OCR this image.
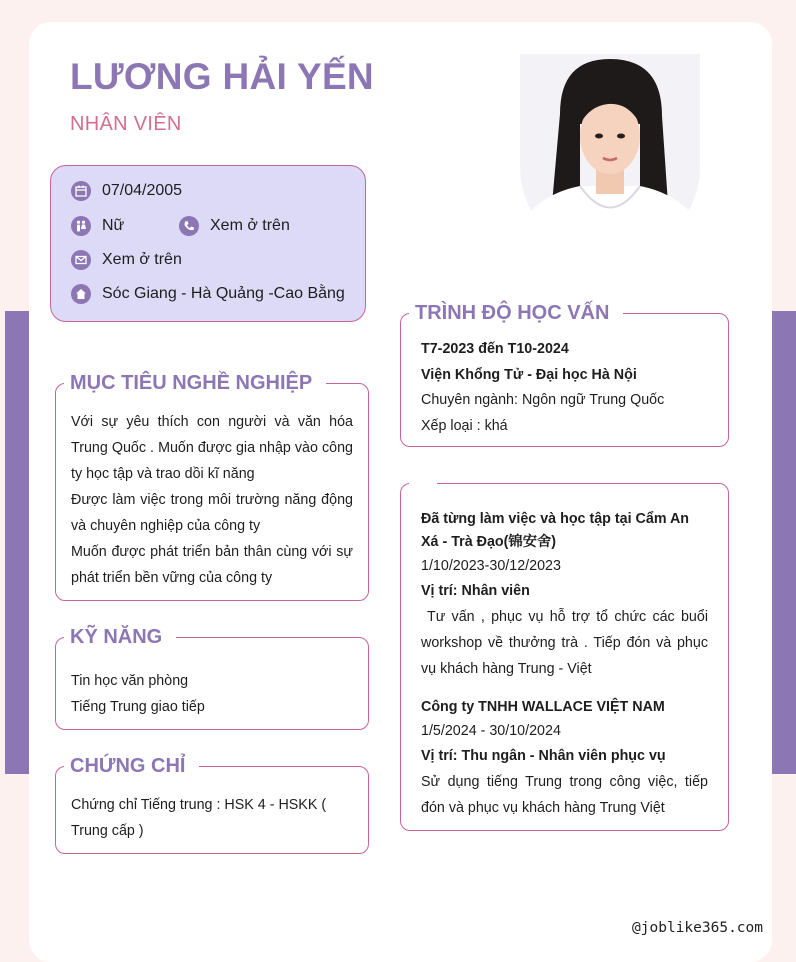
LƯƠNG HẢI YẾN
NHÂN VIÊN
07/04/2005
Nữ	Xem ở trên
Xem ở trên
Sóc Giang - Hà Quảng -Cao Bằng
MỤC TIÊU NGHỀ NGHIỆP
Với sự yêu thích con người và văn hóa Trung Quốc . Muốn được gia nhập vào công ty học tập và trao dồi kĩ năng
Được làm việc trong môi trường năng động và chuyên nghiệp của công ty
Muốn được phát triển bản thân cùng với sự phát triển bền vững của công ty
KỸ NĂNG
Tin học văn phòng
Tiếng Trung giao tiếp
CHỨNG CHỈ
Chứng chỉ Tiếng trung : HSK 4 - HSKK ( Trung cấp )
TRÌNH ĐỘ HỌC VẤN
T7-2023 đến T10-2024
Viện Khổng Tử - Đại học Hà Nội
Chuyên ngành: Ngôn ngữ Trung Quốc
Xếp loại : khá
Đã từng làm việc và học tập tại Cẩm An Xá - Trà Đạo(锦安舍)
1/10/2023-30/12/2023
Vị trí: Nhân viên
Tư vấn , phục vụ hỗ trợ tổ chức các buổi workshop về thưởng trà . Tiếp đón và phục vụ khách hàng Trung - Việt
Công ty TNHH WALLACE VIỆT NAM
1/5/2024 - 30/10/2024
Vị trí: Thu ngân - Nhân viên phục vụ
Sử dụng tiếng Trung trong công việc, tiếp đón và phục vụ khách hàng Trung Việt
@joblike365.com
